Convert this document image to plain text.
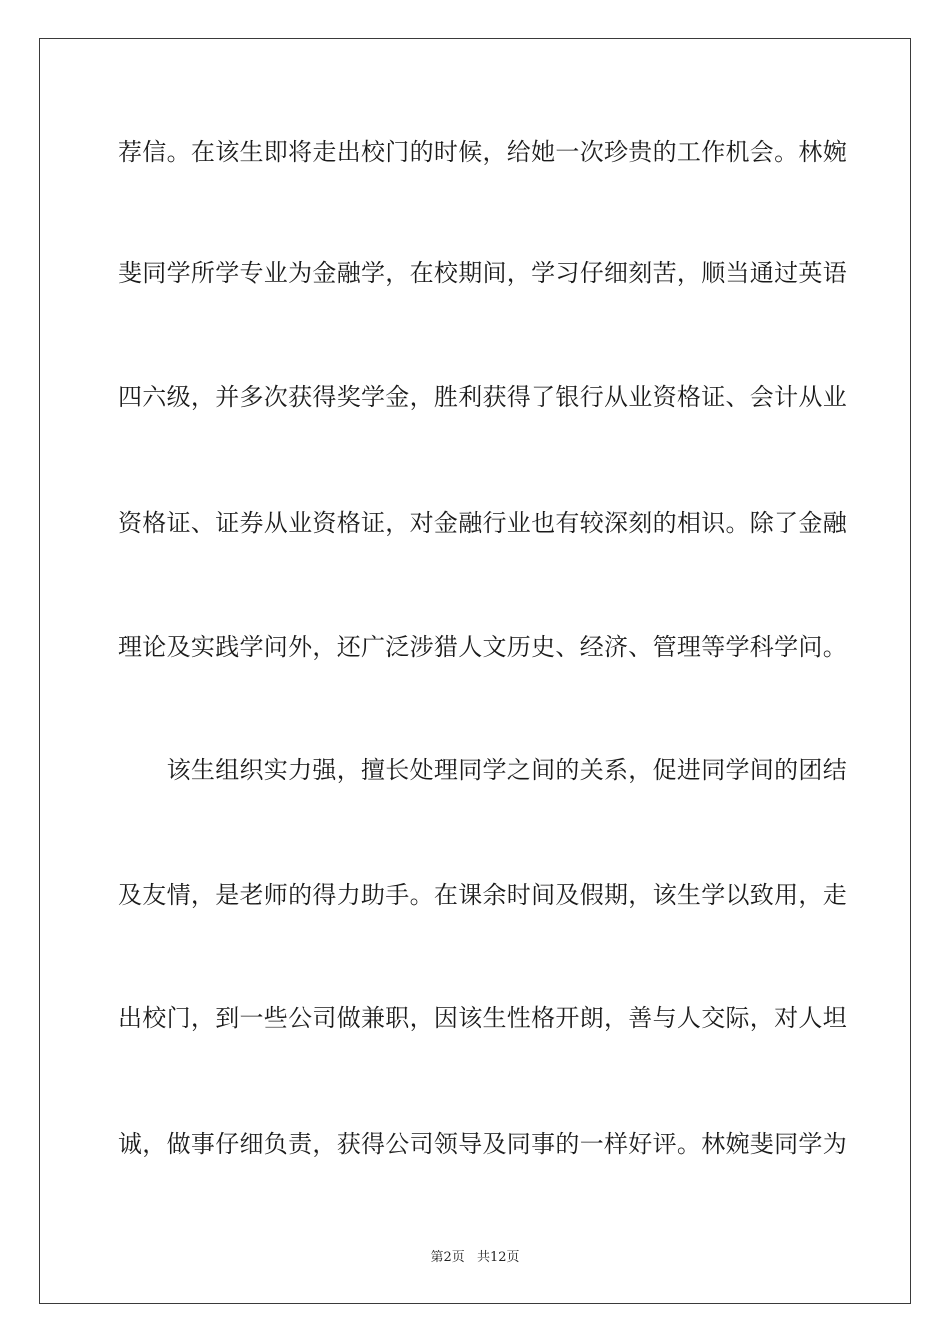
荐信。在该生即将走出校门的时候，给她一次珍贵的工作机会。林婉
斐同学所学专业为金融学，在校期间，学习仔细刻苦，顺当通过英语
四六级，并多次获得奖学金，胜利获得了银行从业资格证、会计从业
资格证、证券从业资格证，对金融行业也有较深刻的相识。除了金融
理论及实践学问外，还广泛涉猎人文历史、经济、管理等学科学问。
　　该生组织实力强，擅长处理同学之间的关系，促进同学间的团结
及友情，是老师的得力助手。在课余时间及假期，该生学以致用，走
出校门，到一些公司做兼职，因该生性格开朗，善与人交际，对人坦
诚，做事仔细负责，获得公司领导及同事的一样好评。林婉斐同学为
第2页 共12页
